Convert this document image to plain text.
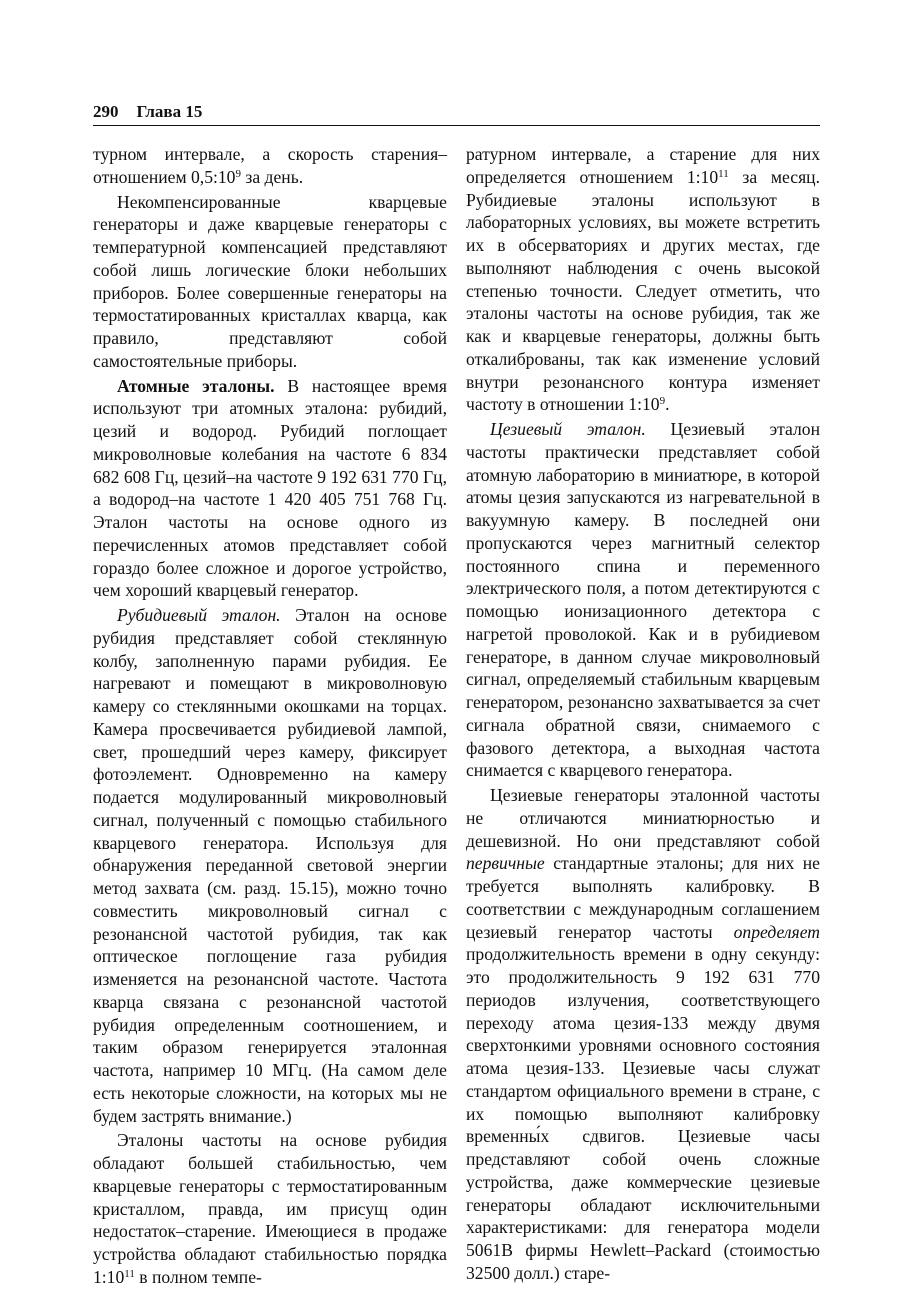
290 Глава 15

турном интервале, а скорость старения–отношением $0,5:10^9$ за день.

Некомпенсированные кварцевые генераторы и даже кварцевые генераторы с температурной компенсацией представляют собой лишь логические блоки небольших приборов. Более совершенные генераторы на термостатированных кристаллах кварца, как правило, представляют собой самостоятельные приборы.

Атомные эталоны. В настоящее время используют три атомных эталона: рубидий, цезий и водород. Рубидий поглощает микроволновые колебания на частоте 6 834 682 608 Гц, цезий–на частоте 9 192 631 770 Гц, а водород–на частоте 1 420 405 751 768 Гц. Эталон частоты на основе одного из перечисленных атомов представляет собой гораздо более сложное и дорогое устройство, чем хороший кварцевый генератор.

Рубидиевый эталон. Эталон на основе рубидия представляет собой стеклянную колбу, заполненную парами рубидия. Ее нагревают и помещают в микроволновую камеру со стеклянными окошками на торцах. Камера просвечивается рубидиевой лампой, свет, прошедший через камеру, фиксирует фотоэлемент. Одновременно на камеру подается модулированный микроволновый сигнал, полученный с помощью стабильного кварцевого генератора. Используя для обнаружения переданной световой энергии метод захвата (см. разд. 15.15), можно точно совместить микроволновый сигнал с резонансной частотой рубидия, так как оптическое поглощение газа рубидия изменяется на резонансной частоте. Частота кварца связана с резонансной частотой рубидия определенным соотношением, и таким образом генерируется эталонная частота, например 10 МГц. (На самом деле есть некоторые сложности, на которых мы не будем застрять внимание.)

Эталоны частоты на основе рубидия обладают большей стабильностью, чем кварцевые генераторы с термостатированным кристаллом, правда, им присущ один недостаток–старение. Имеющиеся в продаже устройства обладают стабильностью порядка $1:10^{11}$ в полном темпе-

ратурном интервале, а старение для них определяется отношением $1:10^{11}$ за месяц. Рубидиевые эталоны используют в лабораторных условиях, вы можете встретить их в обсерваториях и других местах, где выполняют наблюдения с очень высокой степенью точности. Следует отметить, что эталоны частоты на основе рубидия, так же как и кварцевые генераторы, должны быть откалиброваны, так как изменение условий внутри резонансного контура изменяет частоту в отношении $1:10^9$.

Цезиевый эталон. Цезиевый эталон частоты практически представляет собой атомную лабораторию в миниатюре, в которой атомы цезия запускаются из нагревательной в вакуумную камеру. В последней они пропускаются через магнитный селектор постоянного спина и переменного электрического поля, а потом детектируются с помощью ионизационного детектора с нагретой проволокой. Как и в рубидиевом генераторе, в данном случае микроволновый сигнал, определяемый стабильным кварцевым генератором, резонансно захватывается за счет сигнала обратной связи, снимаемого с фазового детектора, а выходная частота снимается с кварцевого генератора.

Цезиевые генераторы эталонной частоты не отличаются миниатюрностью и дешевизной. Но они представляют собой первичные стандартные эталоны; для них не требуется выполнять калибровку. В соответствии с международным соглашением цезиевый генератор частоты определяет продолжительность времени в одну секунду: это продолжительность 9 192 631 770 периодов излучения, соответствующего переходу атома цезия-133 между двумя сверхтонкими уровнями основного состояния атома цезия-133. Цезиевые часы служат стандартом официального времени в стране, с их помощью выполняют калибровку временны́х сдвигов. Цезиевые часы представляют собой очень сложные устройства, даже коммерческие цезиевые генераторы обладают исключительными характеристиками: для генератора модели 5061B фирмы Hewlett–Packard (стоимостью 32500 долл.) старе-
